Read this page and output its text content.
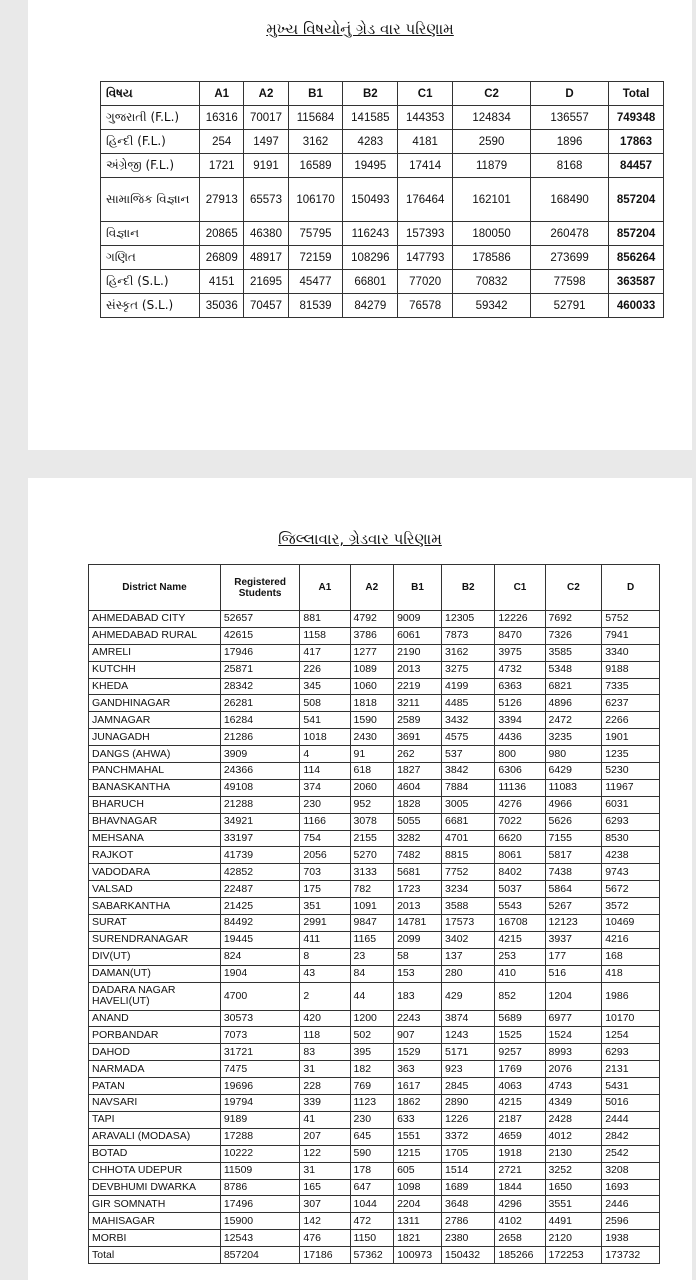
મુખ્ય વિષયોનું ગ્રેડ વાર પરિણામ
વિષય	A1	A2	B1	B2	C1	C2	D	Total
ગુજરાતી (F.L.)	16316	70017	115684	141585	144353	124834	136557	749348
હિન્દી (F.L.)	254	1497	3162	4283	4181	2590	1896	17863
અંગ્રેજી (F.L.)	1721	9191	16589	19495	17414	11879	8168	84457
સામાજિક વિજ્ઞાન	27913	65573	106170	150493	176464	162101	168490	857204
વિજ્ઞાન	20865	46380	75795	116243	157393	180050	260478	857204
ગણિત	26809	48917	72159	108296	147793	178586	273699	856264
હિન્દી (S.L.)	4151	21695	45477	66801	77020	70832	77598	363587
સંસ્કૃત (S.L.)	35036	70457	81539	84279	76578	59342	52791	460033
જિલ્લાવાર, ગ્રેડવાર પરિણામ
District Name	Registered Students	A1	A2	B1	B2	C1	C2	D
AHMEDABAD CITY	52657	881	4792	9009	12305	12226	7692	5752
AHMEDABAD RURAL	42615	1158	3786	6061	7873	8470	7326	7941
AMRELI	17946	417	1277	2190	3162	3975	3585	3340
KUTCHH	25871	226	1089	2013	3275	4732	5348	9188
KHEDA	28342	345	1060	2219	4199	6363	6821	7335
GANDHINAGAR	26281	508	1818	3211	4485	5126	4896	6237
JAMNAGAR	16284	541	1590	2589	3432	3394	2472	2266
JUNAGADH	21286	1018	2430	3691	4575	4436	3235	1901
DANGS (AHWA)	3909	4	91	262	537	800	980	1235
PANCHMAHAL	24366	114	618	1827	3842	6306	6429	5230
BANASKANTHA	49108	374	2060	4604	7884	11136	11083	11967
BHARUCH	21288	230	952	1828	3005	4276	4966	6031
BHAVNAGAR	34921	1166	3078	5055	6681	7022	5626	6293
MEHSANA	33197	754	2155	3282	4701	6620	7155	8530
RAJKOT	41739	2056	5270	7482	8815	8061	5817	4238
VADODARA	42852	703	3133	5681	7752	8402	7438	9743
VALSAD	22487	175	782	1723	3234	5037	5864	5672
SABARKANTHA	21425	351	1091	2013	3588	5543	5267	3572
SURAT	84492	2991	9847	14781	17573	16708	12123	10469
SURENDRANAGAR	19445	411	1165	2099	3402	4215	3937	4216
DIV(UT)	824	8	23	58	137	253	177	168
DAMAN(UT)	1904	43	84	153	280	410	516	418
DADARA NAGAR HAVELI(UT)	4700	2	44	183	429	852	1204	1986
ANAND	30573	420	1200	2243	3874	5689	6977	10170
PORBANDAR	7073	118	502	907	1243	1525	1524	1254
DAHOD	31721	83	395	1529	5171	9257	8993	6293
NARMADA	7475	31	182	363	923	1769	2076	2131
PATAN	19696	228	769	1617	2845	4063	4743	5431
NAVSARI	19794	339	1123	1862	2890	4215	4349	5016
TAPI	9189	41	230	633	1226	2187	2428	2444
ARAVALI (MODASA)	17288	207	645	1551	3372	4659	4012	2842
BOTAD	10222	122	590	1215	1705	1918	2130	2542
CHHOTA UDEPUR	11509	31	178	605	1514	2721	3252	3208
DEVBHUMI DWARKA	8786	165	647	1098	1689	1844	1650	1693
GIR SOMNATH	17496	307	1044	2204	3648	4296	3551	2446
MAHISAGAR	15900	142	472	1311	2786	4102	4491	2596
MORBI	12543	476	1150	1821	2380	2658	2120	1938
Total	857204	17186	57362	100973	150432	185266	172253	173732
